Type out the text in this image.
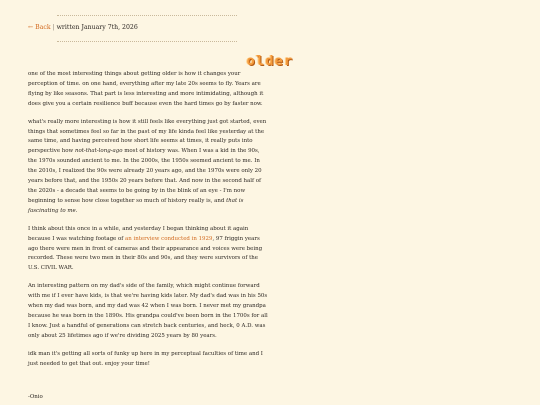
← Back | written January 7th, 2026
older

one of the most interesting things about getting older is how it changes your perception of time. on one hand, everything after my late 20s seems to fly. Years are flying by like seasons. That part is less interesting and more intimidating, although it does give you a certain resilience buff because even the hard times go by faster now.

what's really more interesting is how it still feels like everything just got started, even things that sometimes feel so far in the past of my life kinda feel like yesterday at the same time, and having perceived how short life seems at times, it really puts into perspective how not-that-long-ago most of history was. When I was a kid in the 90s, the 1970s sounded ancient to me. In the 2000s, the 1950s seemed ancient to me. In the 2010s, I realized the 90s were already 20 years ago, and the 1970s were only 20 years before that, and the 1950s 20 years before that. And now in the second half of the 2020s - a decade that seems to be going by in the blink of an eye - I'm now beginning to sense how close together so much of history really is, and that is fascinating to me.

I think about this once in a while, and yesterday I began thinking about it again because I was watching footage of an interview conducted in 1929, 97 friggin years ago there were men in front of cameras and their appearance and voices were being recorded. These were two men in their 80s and 90s, and they were survivors of the U.S. CIVIL WAR.

An interesting pattern on my dad's side of the family, which might continue forward with me if I ever have kids, is that we're having kids later. My dad's dad was in his 50s when my dad was born, and my dad was 42 when I was born. I never met my grandpa because he was born in the 1890s. His grandpa could've been born in the 1700s for all I know. Just a handful of generations can stretch back centuries, and heck, 0 A.D. was only about 25 lifetimes ago if we're dividing 2025 years by 80 years.

idk man it's getting all sorts of funky up here in my perceptual faculties of time and I just needed to get that out. enjoy your time!

-Onio
